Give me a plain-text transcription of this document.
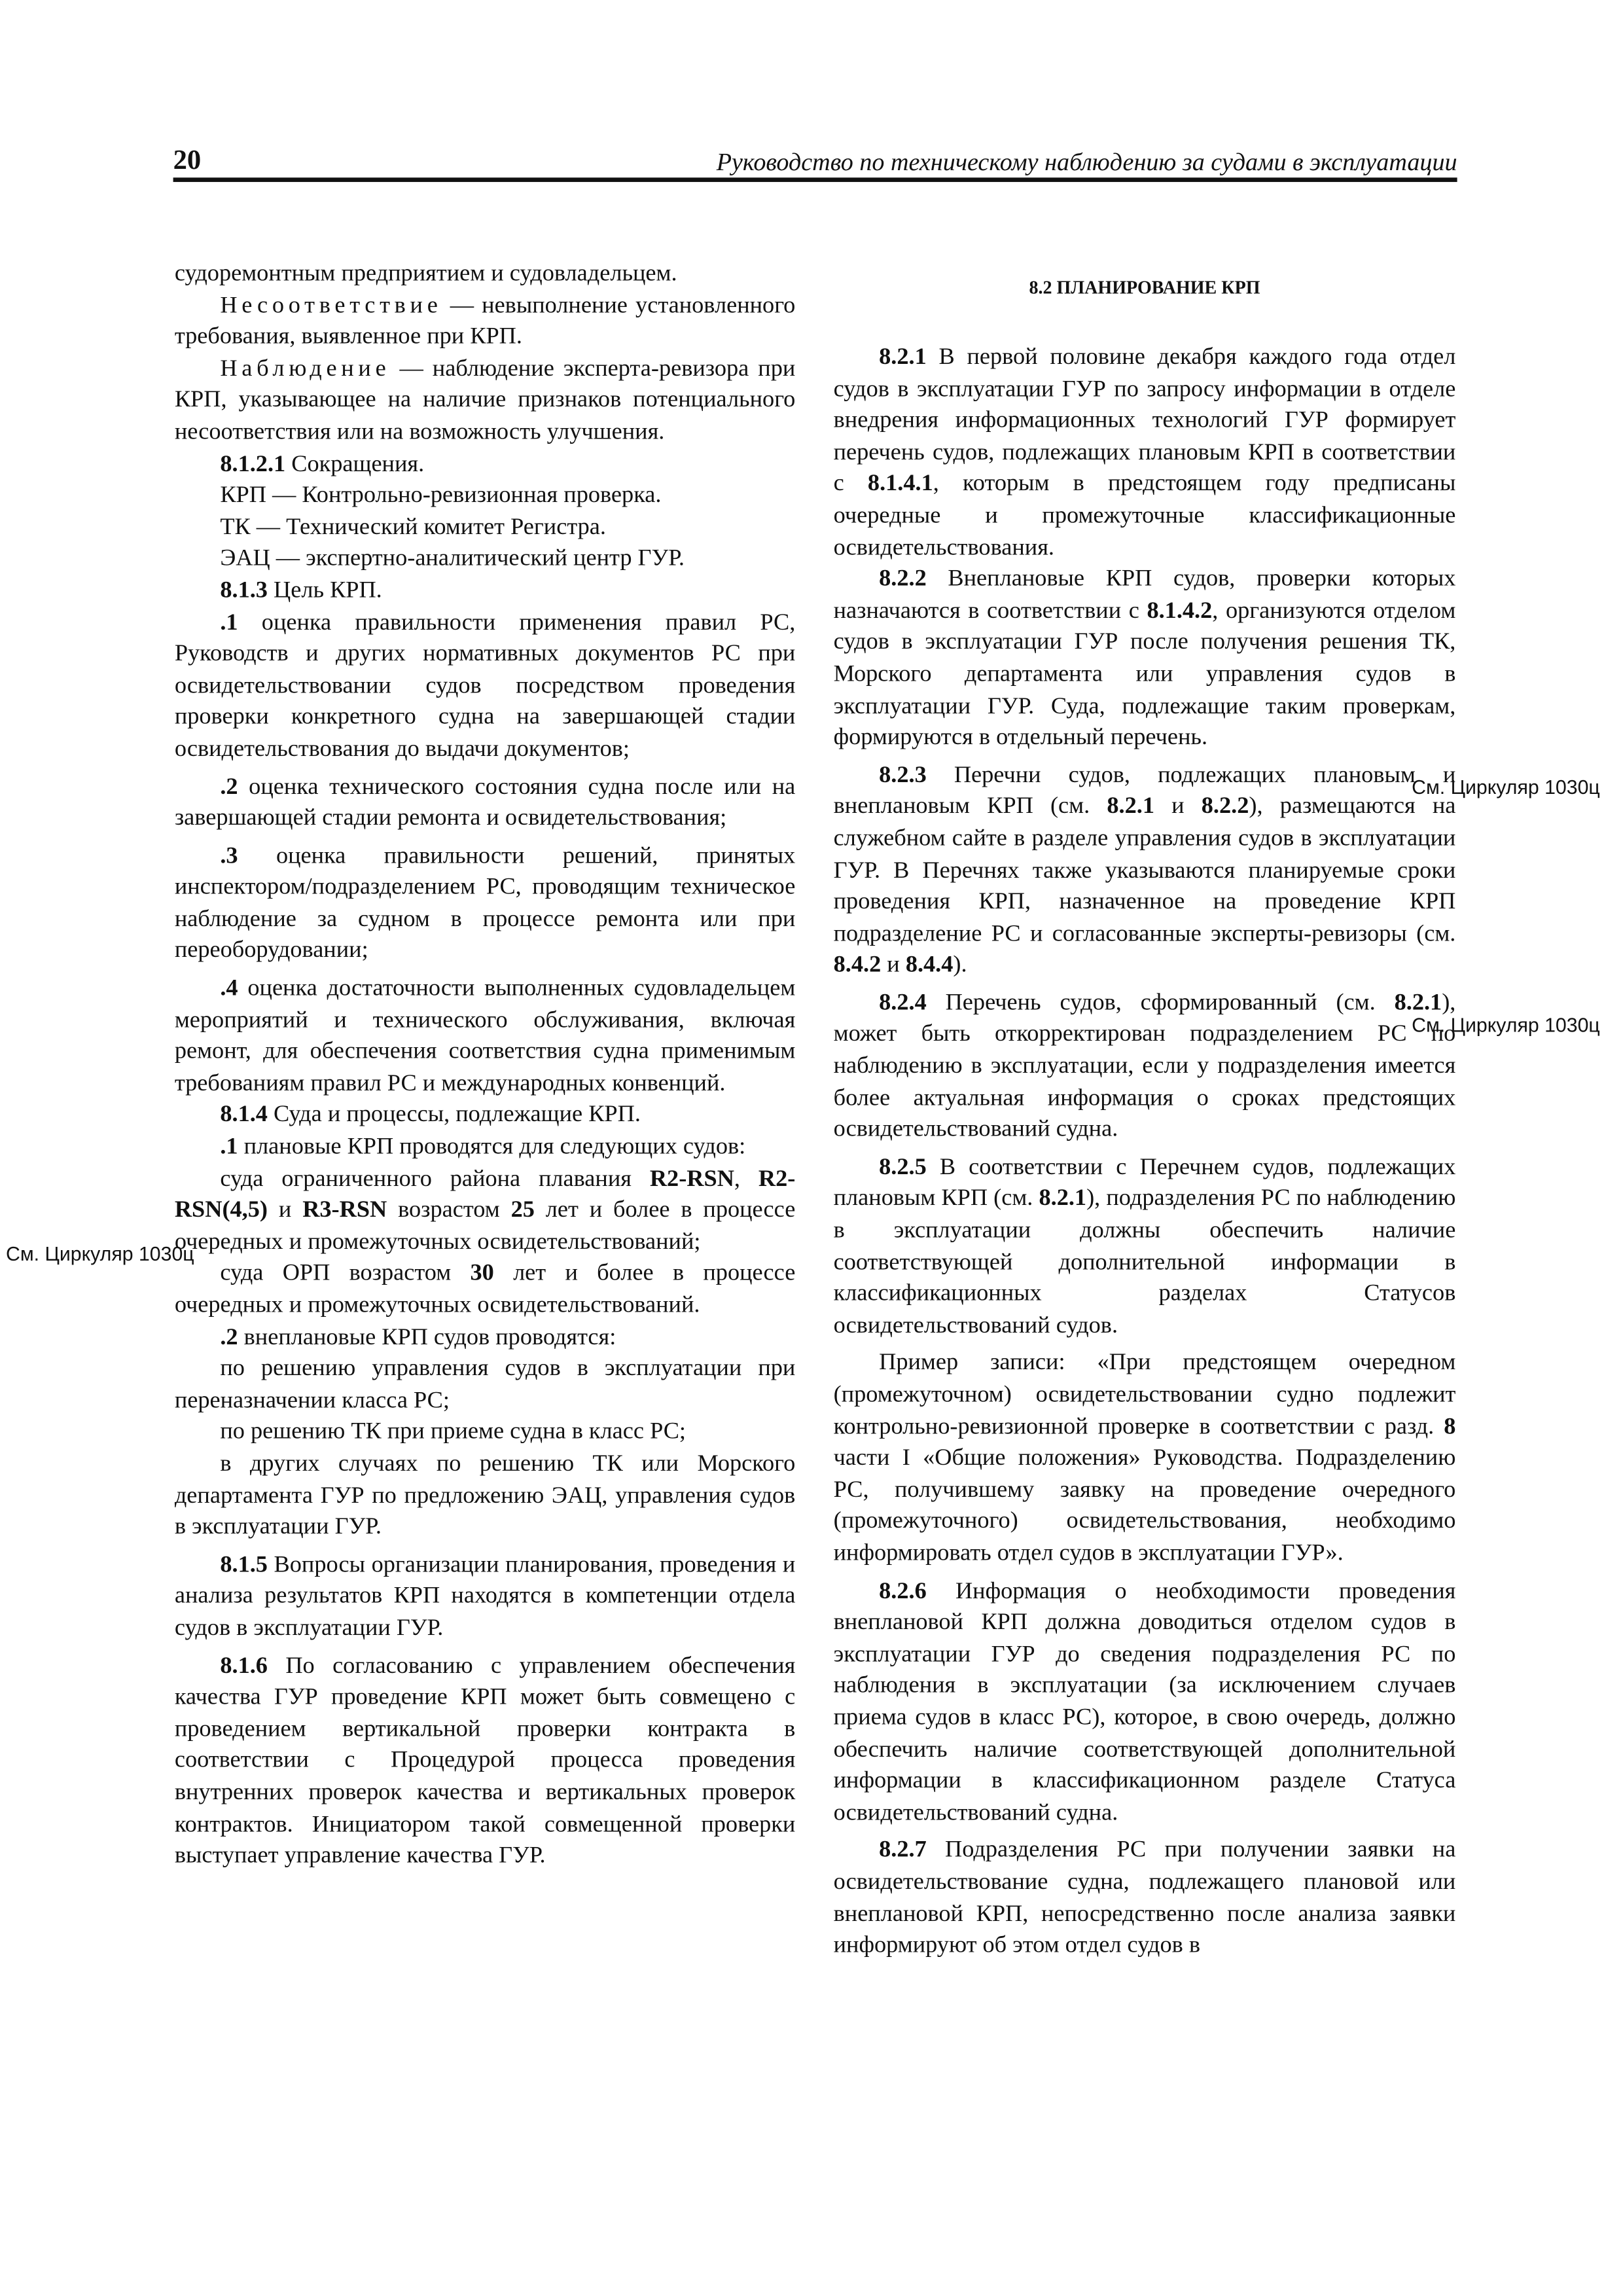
20	Руководство по техническому наблюдению за судами в эксплуатации

судоремонтным предприятием и судовладельцем.

Несоответствие — невыполнение установленного требования, выявленное при КРП.

Наблюдение — наблюдение эксперта-ревизора при КРП, указывающее на наличие признаков потенциального несоответствия или на возможность улучшения.

8.1.2.1 Сокращения.

КРП — Контрольно-ревизионная проверка.

ТК — Технический комитет Регистра.

ЭАЦ — экспертно-аналитический центр ГУР.

8.1.3 Цель КРП.

.1 оценка правильности применения правил РС, Руководств и других нормативных документов РС при освидетельствовании судов посредством проведения проверки конкретного судна на завершающей стадии освидетельствования до выдачи документов;

.2 оценка технического состояния судна после или на завершающей стадии ремонта и освидетельствования;

.3 оценка правильности решений, принятых инспектором/подразделением РС, проводящим техническое наблюдение за судном в процессе ремонта или при переоборудовании;

.4 оценка достаточности выполненных судовладельцем мероприятий и технического обслуживания, включая ремонт, для обеспечения соответствия судна применимым требованиям правил РС и международных конвенций.

8.1.4 Суда и процессы, подлежащие КРП.

.1 плановые КРП проводятся для следующих судов:

суда ограниченного района плавания R2-RSN, R2-RSN(4,5) и R3-RSN возрастом 25 лет и более в процессе очередных и промежуточных освидетельствований;

суда ОРП возрастом 30 лет и более в процессе очередных и промежуточных освидетельствований.

.2 внеплановые КРП судов проводятся:

по решению управления судов в эксплуатации при переназначении класса РС;

по решению ТК при приеме судна в класс РС;

в других случаях по решению ТК или Морского департамента ГУР по предложению ЭАЦ, управления судов в эксплуатации ГУР.

8.1.5 Вопросы организации планирования, проведения и анализа результатов КРП находятся в компетенции отдела судов в эксплуатации ГУР.

8.1.6 По согласованию с управлением обеспечения качества ГУР проведение КРП может быть совмещено с проведением вертикальной проверки контракта в соответствии с Процедурой процесса проведения внутренних проверок качества и вертикальных проверок контрактов. Инициатором такой совмещенной проверки выступает управление качества ГУР.

8.2 ПЛАНИРОВАНИЕ КРП

8.2.1 В первой половине декабря каждого года отдел судов в эксплуатации ГУР по запросу информации в отделе внедрения информационных технологий ГУР формирует перечень судов, подлежащих плановым КРП в соответствии с 8.1.4.1, которым в предстоящем году предписаны очередные и промежуточные классификационные освидетельствования.

8.2.2 Внеплановые КРП судов, проверки которых назначаются в соответствии с 8.1.4.2, организуются отделом судов в эксплуатации ГУР после получения решения ТК, Морского департамента или управления судов в эксплуатации ГУР. Суда, подлежащие таким проверкам, формируются в отдельный перечень.

8.2.3 Перечни судов, подлежащих плановым и внеплановым КРП (см. 8.2.1 и 8.2.2), размещаются на служебном сайте в разделе управления судов в эксплуатации ГУР. В Перечнях также указываются планируемые сроки проведения КРП, назначенное на проведение КРП подразделение РС и согласованные эксперты-ревизоры (см. 8.4.2 и 8.4.4).

8.2.4 Перечень судов, сформированный (см. 8.2.1), может быть откорректирован подразделением РС по наблюдению в эксплуатации, если у подразделения имеется более актуальная информация о сроках предстоящих освидетельствований судна.

8.2.5 В соответствии с Перечнем судов, подлежащих плановым КРП (см. 8.2.1), подразделения РС по наблюдению в эксплуатации должны обеспечить наличие соответствующей дополнительной информации в классификационных разделах Статусов освидетельствований судов.

Пример записи: «При предстоящем очередном (промежуточном) освидетельствовании судно подлежит контрольно-ревизионной проверке в соответствии с разд. 8 части I «Общие положения» Руководства. Подразделению РС, получившему заявку на проведение очередного (промежуточного) освидетельствования, необходимо информировать отдел судов в эксплуатации ГУР».

8.2.6 Информация о необходимости проведения внеплановой КРП должна доводиться отделом судов в эксплуатации ГУР до сведения подразделения РС по наблюдения в эксплуатации (за исключением случаев приема судов в класс РС), которое, в свою очередь, должно обеспечить наличие соответствующей дополнительной информации в классификационном разделе Статуса освидетельствований судна.

8.2.7 Подразделения РС при получении заявки на освидетельствование судна, подлежащего плановой или внеплановой КРП, непосредственно после анализа заявки информируют об этом отдел судов в

См. Циркуляр 1030ц
См. Циркуляр 1030ц
См. Циркуляр 1030ц
